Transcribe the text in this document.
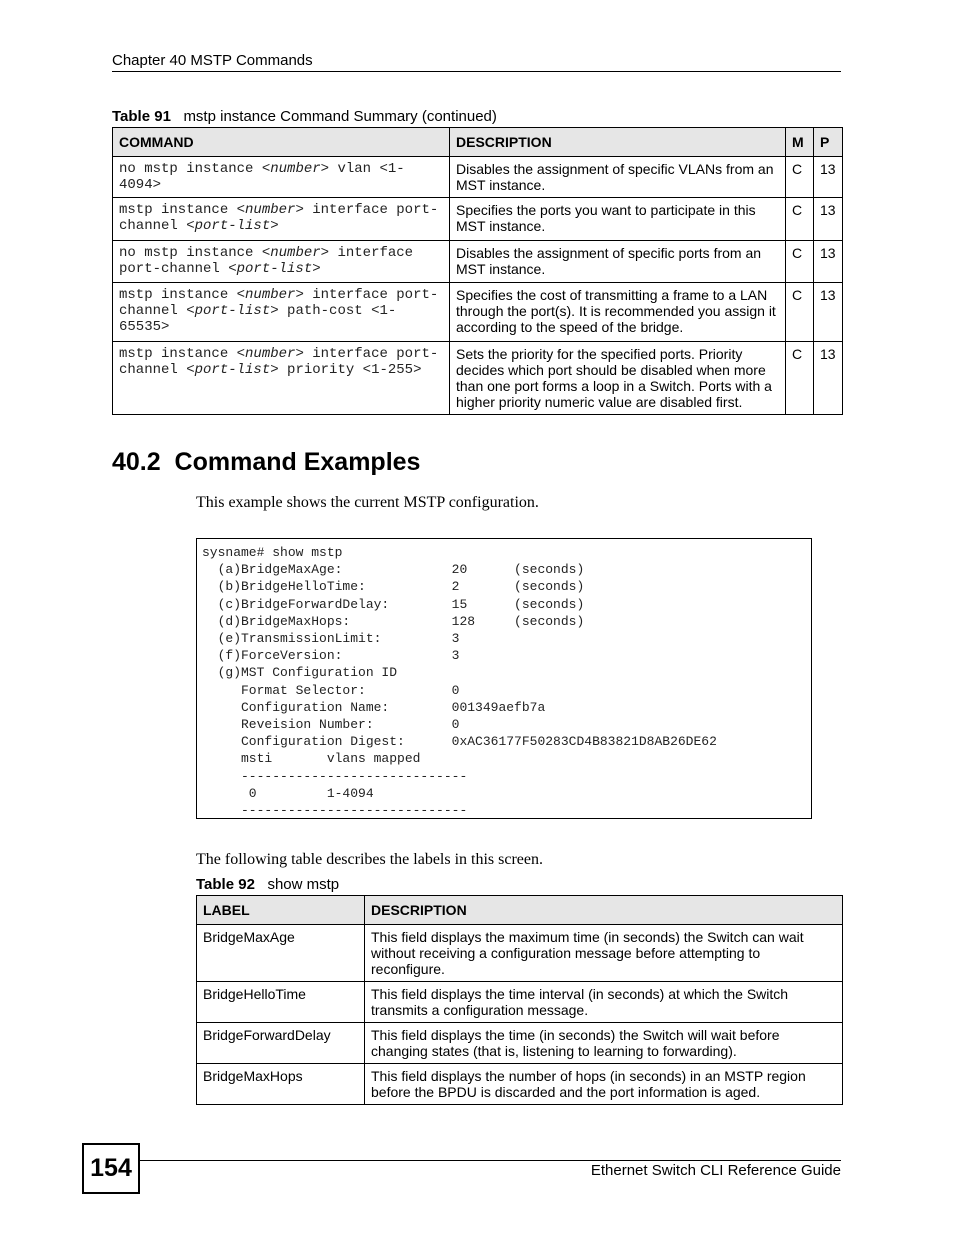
Chapter 40 MSTP Commands
Table 91 mstp instance Command Summary (continued)
COMMAND	DESCRIPTION	M	P
no mstp instance <number> vlan <1-4094>	Disables the assignment of specific VLANs from an MST instance.	C	13
mstp instance <number> interface port-channel <port-list>	Specifies the ports you want to participate in this MST instance.	C	13
no mstp instance <number> interface port-channel <port-list>	Disables the assignment of specific ports from an MST instance.	C	13
mstp instance <number> interface port-channel <port-list> path-cost <1-65535>	Specifies the cost of transmitting a frame to a LAN through the port(s). It is recommended you assign it according to the speed of the bridge.	C	13
mstp instance <number> interface port-channel <port-list> priority <1-255>	Sets the priority for the specified ports. Priority decides which port should be disabled when more than one port forms a loop in a Switch. Ports with a higher priority numeric value are disabled first.	C	13
40.2  Command Examples
This example shows the current MSTP configuration.
sysname# show mstp
(a)BridgeMaxAge:              20      (seconds)
(b)BridgeHelloTime:           2       (seconds)
(c)BridgeForwardDelay:        15      (seconds)
(d)BridgeMaxHops:             128     (seconds)
(e)TransmissionLimit:         3
(f)ForceVersion:              3
(g)MST Configuration ID
Format Selector:           0
Configuration Name:        001349aefb7a
Reveision Number:          0
Configuration Digest:      0xAC36177F50283CD4B83821D8AB26DE62
msti       vlans mapped
-----------------------------
0         1-4094
-----------------------------
The following table describes the labels in this screen.
Table 92 show mstp
LABEL	DESCRIPTION
BridgeMaxAge	This field displays the maximum time (in seconds) the Switch can wait without receiving a configuration message before attempting to reconfigure.
BridgeHelloTime	This field displays the time interval (in seconds) at which the Switch transmits a configuration message.
BridgeForwardDelay	This field displays the time (in seconds) the Switch will wait before changing states (that is, listening to learning to forwarding).
BridgeMaxHops	This field displays the number of hops (in seconds) in an MSTP region before the BPDU is discarded and the port information is aged.
154	Ethernet Switch CLI Reference Guide
